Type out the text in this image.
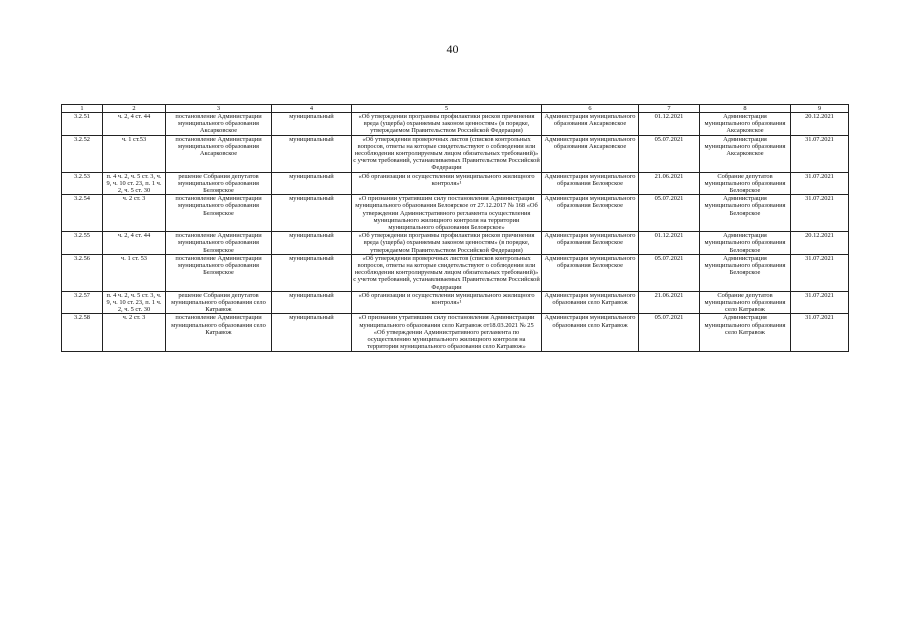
40
1	2	3	4	5	6	7	8	9
3.2.51	ч. 2, 4 ст. 44	постановление Администрации муниципального образования Аксарковское	муниципальный	«Об утверждении программы профилактики рисков причинения вреда (ущерба) охраняемым законом ценностям» (в порядке, утверждаемом Правительством Российской Федерации)	Администрация муниципального образования Аксарковское	01.12.2021	Администрация муниципального образования Аксарковское	20.12.2021
3.2.52	ч. 1 ст.53	постановление Администрации муниципального образования Аксарковское	муниципальный	«Об утверждении проверочных листов (списков контрольных вопросов, ответы на которые свидетельствуют о соблюдении или несоблюдении контролируемым лицом обязательных требований)» с учетом требований, устанавливаемых Правительством Российской Федерации	Администрация муниципального образования Аксарковское	05.07.2021	Администрация муниципального образования Аксарковское	31.07.2021
3.2.53	п. 4 ч. 2, ч. 5 ст. 3, ч. 9, ч. 10 ст. 23, п. 1 ч. 2, ч. 5 ст. 30	решение Собрания депутатов муниципального образования Белоярское	муниципальный	«Об организации и осуществлении муниципального жилищного контроля»¹	Администрация муниципального образования Белоярское	21.06.2021	Собрание депутатов муниципального образования Белоярское	31.07.2021
3.2.54	ч. 2 ст. 3	постановление Администрации муниципального образования Белоярское	муниципальный	«О признании утратившим силу постановления Администрации муниципального образования Белоярское от 27.12.2017 № 168 «Об утверждении Административного регламента осуществления муниципального жилищного контроля на территории муниципального образования Белоярское»	Администрация муниципального образования Белоярское	05.07.2021	Администрация муниципального образования Белоярское	31.07.2021
3.2.55	ч. 2, 4 ст. 44	постановление Администрации муниципального образования Белоярское	муниципальный	«Об утверждении программы профилактики рисков причинения вреда (ущерба) охраняемым законом ценностям» (в порядке, утверждаемом Правительством Российской Федерации)	Администрация муниципального образования Белоярское	01.12.2021	Администрация муниципального образования Белоярское	20.12.2021
3.2.56	ч. 1 ст. 53	постановление Администрации муниципального образования Белоярское	муниципальный	«Об утверждении проверочных листов (списков контрольных вопросов, ответы на которые свидетельствуют о соблюдении или несоблюдении контролируемым лицом обязательных требований)» с учетом требований, устанавливаемых Правительством Российской Федерации	Администрация муниципального образования Белоярское	05.07.2021	Администрация муниципального образования Белоярское	31.07.2021
3.2.57	п. 4 ч. 2, ч. 5 ст. 3, ч. 9, ч. 10 ст. 23, п. 1 ч. 2, ч. 5 ст. 30	решение Собрания депутатов муниципального образования село Катравож	муниципальный	«Об организации и осуществлении муниципального жилищного контроля»¹	Администрация муниципального образования село Катравож	21.06.2021	Собрание депутатов муниципального образования село Катравож	31.07.2021
3.2.58	ч. 2 ст. 3	постановление Администрации муниципального образования село Катравож	муниципальный	«О признании утратившим силу постановления Администрации муниципального образования село Катравож от18.03.2021 № 25 «Об утверждении Административного регламента по осуществлению муниципального жилищного контроля на территории муниципального образования село Катравож»	Администрация муниципального образования село Катравож	05.07.2021	Администрация муниципального образования село Катравож	31.07.2021
